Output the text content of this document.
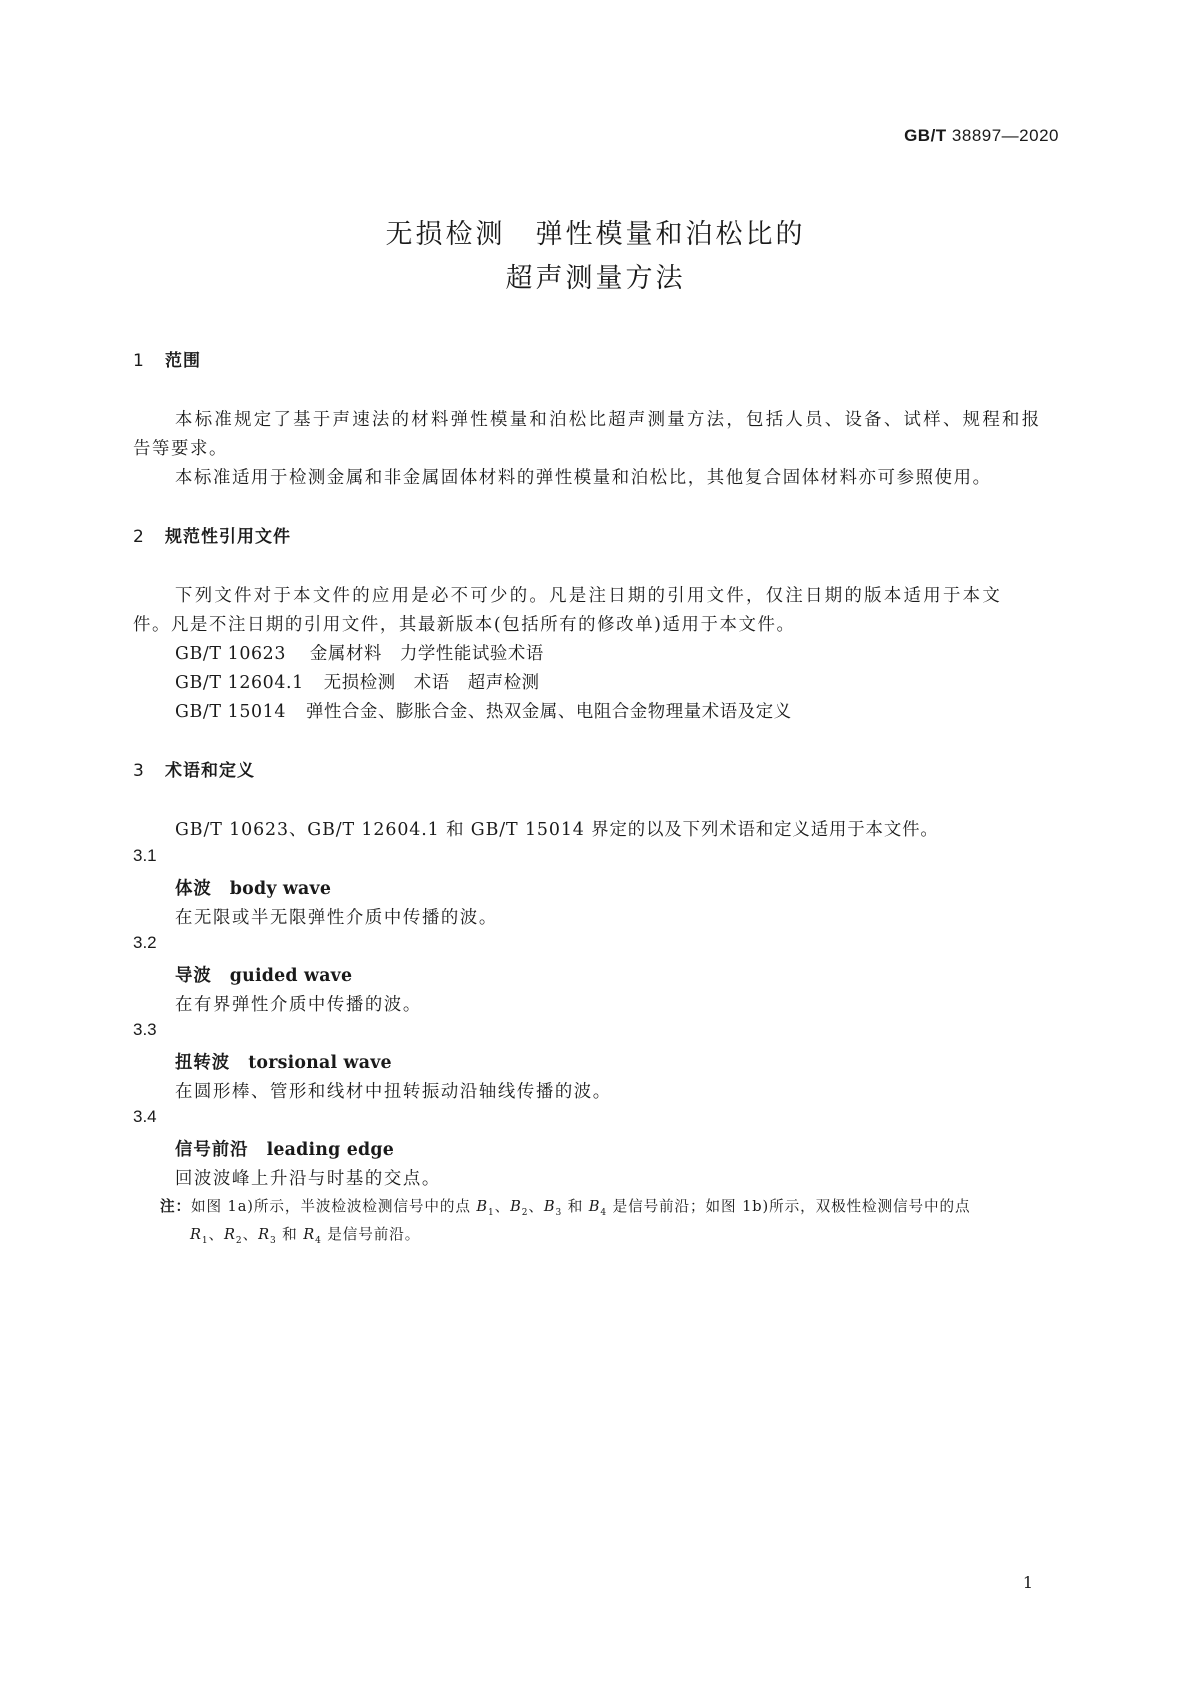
GB/T 38897—2020
无损检测　弹性模量和泊松比的
超声测量方法
1 范围
本标准规定了基于声速法的材料弹性模量和泊松比超声测量方法，包括人员、设备、试样、规程和报
告等要求。
本标准适用于检测金属和非金属固体材料的弹性模量和泊松比，其他复合固体材料亦可参照使用。
2 规范性引用文件
下列文件对于本文件的应用是必不可少的。凡是注日期的引用文件，仅注日期的版本适用于本文
件。凡是不注日期的引用文件，其最新版本(包括所有的修改单)适用于本文件。
GB/T 10623 金属材料　力学性能试验术语
GB/T 12604.1 无损检测　术语　超声检测
GB/T 15014 弹性合金、膨胀合金、热双金属、电阻合金物理量术语及定义
3 术语和定义
GB/T 10623、GB/T 12604.1 和 GB/T 15014 界定的以及下列术语和定义适用于本文件。
3.1
体波 body wave
在无限或半无限弹性介质中传播的波。
3.2
导波 guided wave
在有界弹性介质中传播的波。
3.3
扭转波 torsional wave
在圆形棒、管形和线材中扭转振动沿轴线传播的波。
3.4
信号前沿 leading edge
回波波峰上升沿与时基的交点。
注：如图 1a)所示，半波检波检测信号中的点 $B_1$、$B_2$、$B_3$ 和 $B_4$ 是信号前沿；如图 1b)所示，双极性检测信号中的点
$R_1$、$R_2$、$R_3$ 和 $R_4$ 是信号前沿。
1
